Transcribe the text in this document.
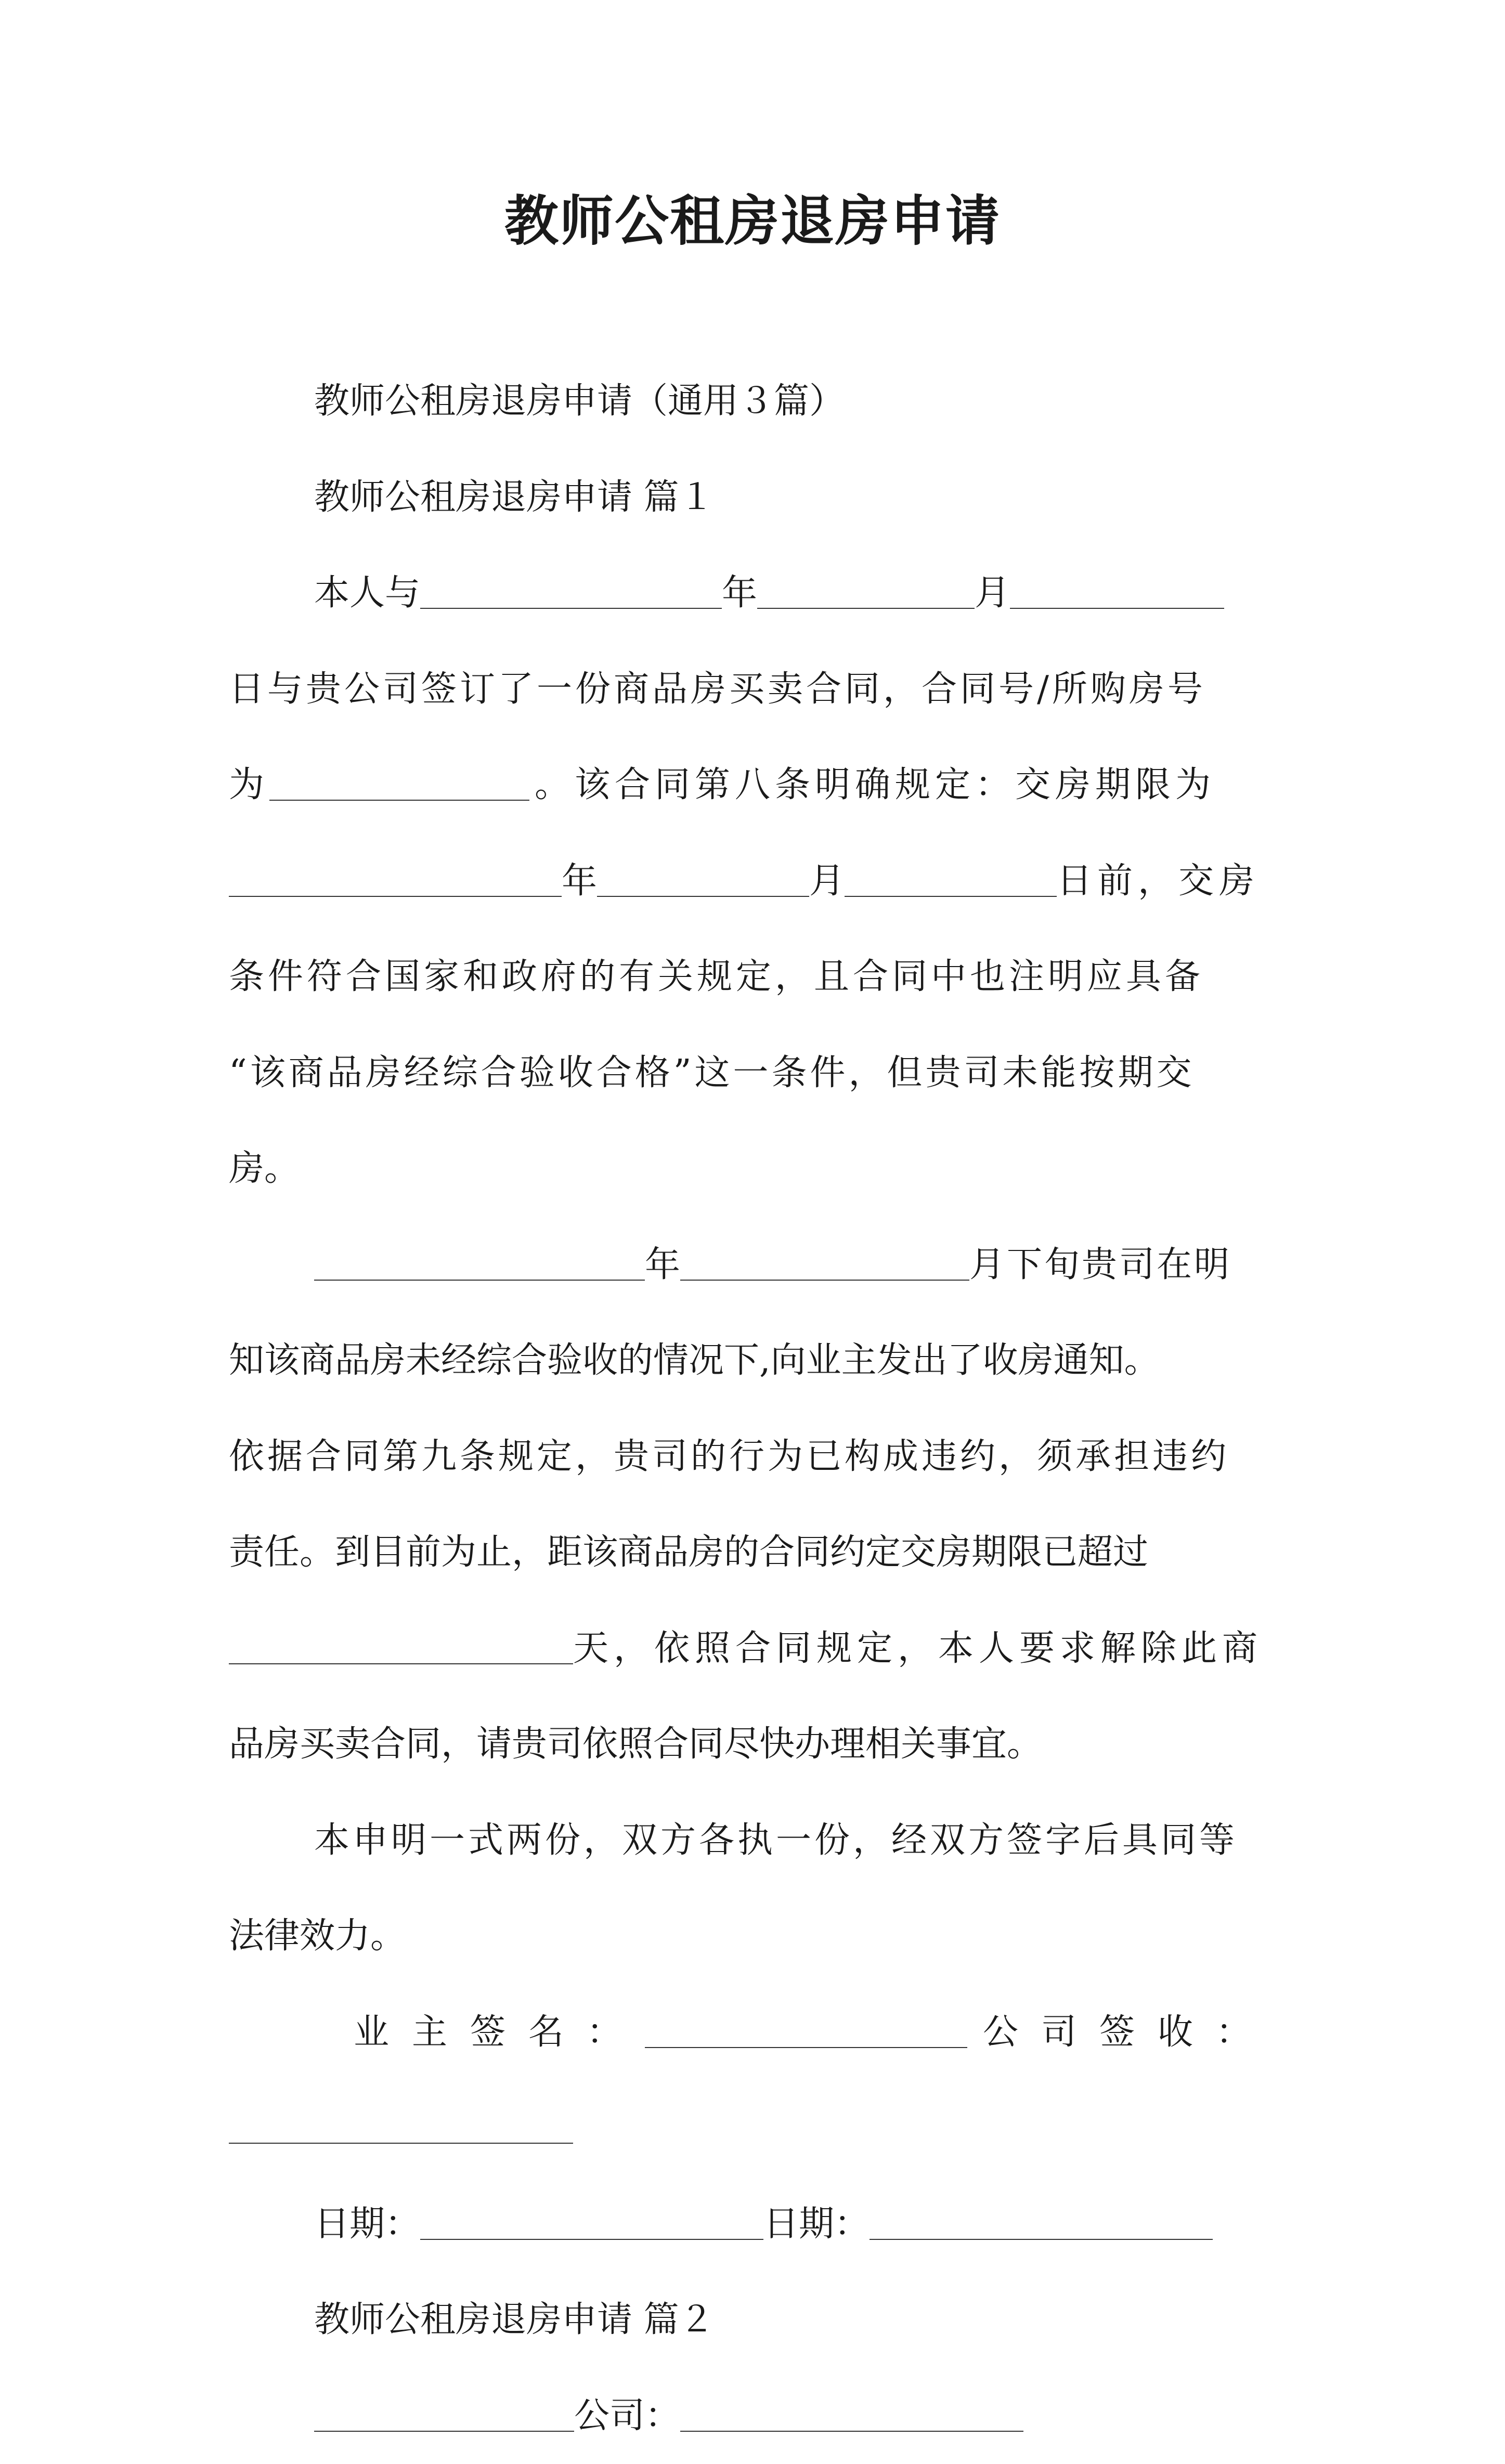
教师公租房退房申请

教师公租房退房申请（通用３篇）

教师公租房退房申请 篇１

本人与	年	月

日与贵公司签订了一份商品房买卖合同，合同号/所购房号

为	。该合同第八条明确规定：交房期限为

年	月	日前，交房

条件符合国家和政府的有关规定，且合同中也注明应具备

“该商品房经综合验收合格”这一条件，但贵司未能按期交

房。

年	月下旬贵司在明

知该商品房未经综合验收的情况下,向业主发出了收房通知。

依据合同第九条规定，贵司的行为已构成违约，须承担违约

责任。到目前为止，距该商品房的合同约定交房期限已超过

天，依照合同规定，本人要求解除此商

品房买卖合同，请贵司依照合同尽快办理相关事宜。

本申明一式两份，双方各执一份，经双方签字后具同等

法律效力。

业主签名：	公司签收：

日期：	日期：

教师公租房退房申请 篇２

公司：
